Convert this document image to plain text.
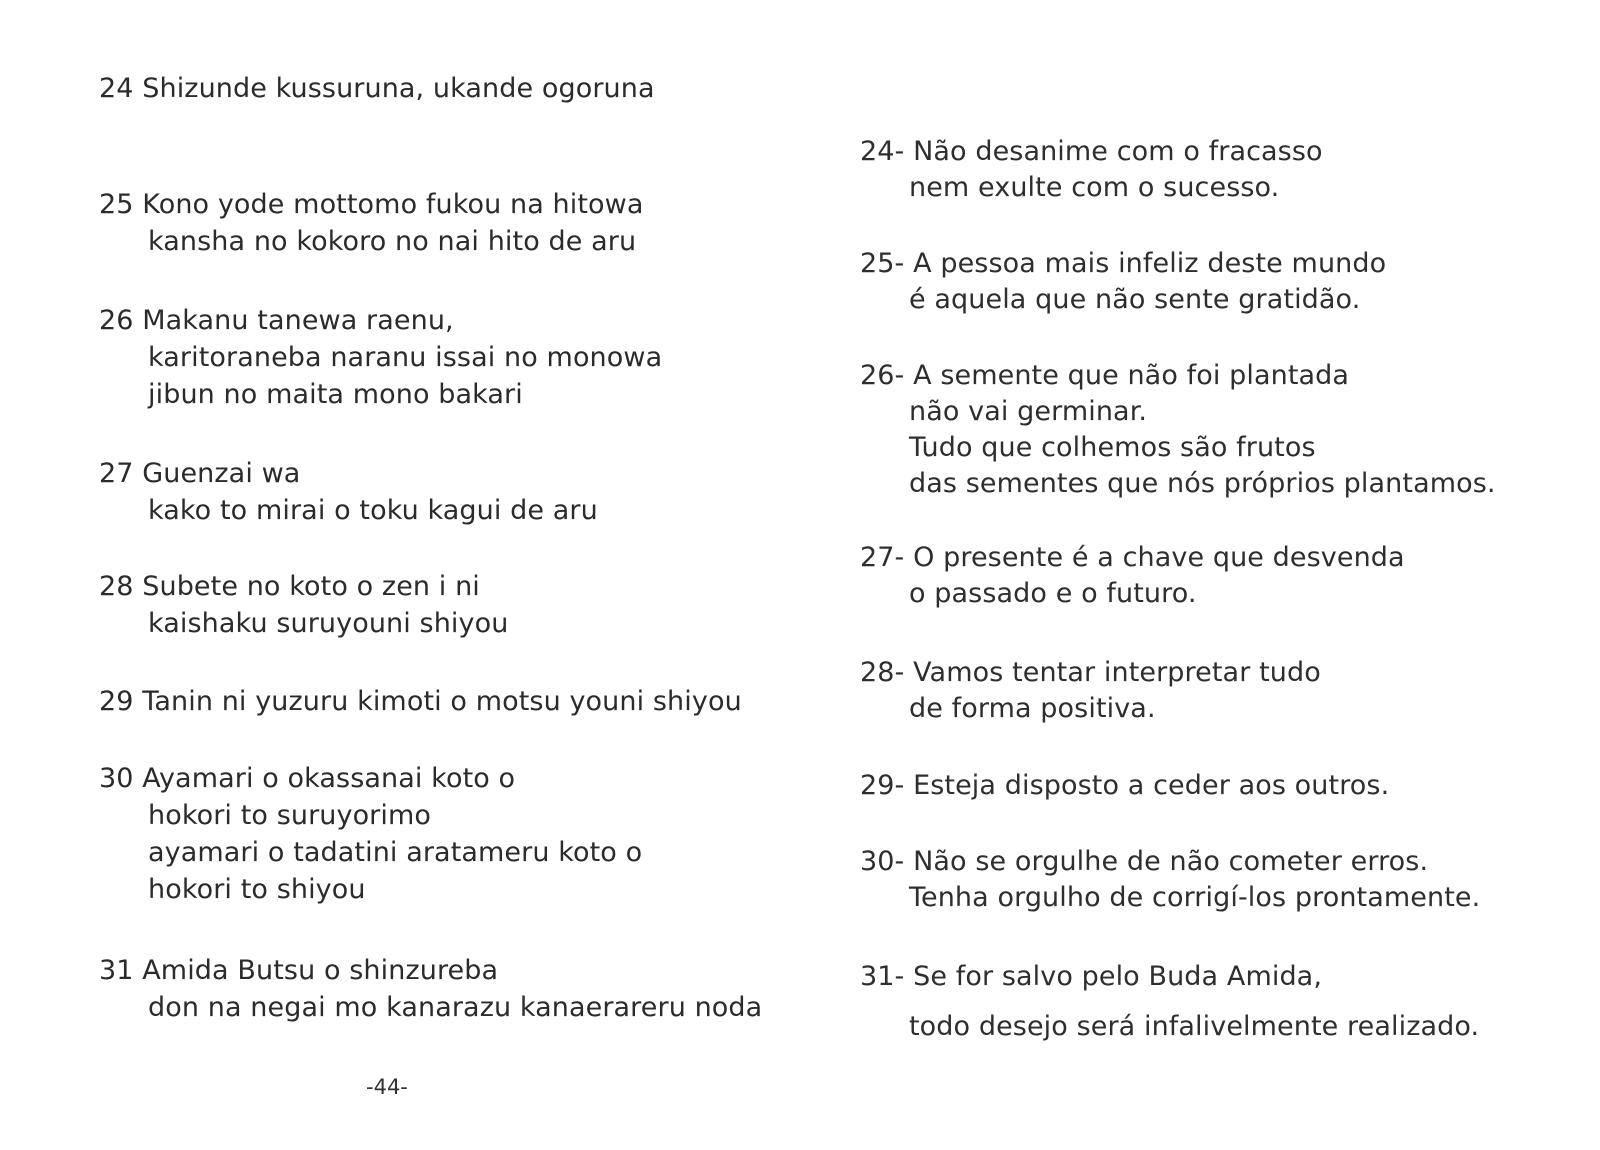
24 Shizunde kussuruna, ukande ogoruna
25 Kono yode mottomo fukou na hitowa
kansha no kokoro no nai hito de aru
26 Makanu tanewa raenu,
karitoraneba naranu issai no monowa
jibun no maita mono bakari
27 Guenzai wa
kako to mirai o toku kagui de aru
28 Subete no koto o zen i ni
kaishaku suruyouni shiyou
29 Tanin ni yuzuru kimoti o motsu youni shiyou
30 Ayamari o okassanai koto o
hokori to suruyorimo
ayamari o tadatini aratameru koto o
hokori to shiyou
31 Amida Butsu o shinzureba
don na negai mo kanarazu kanaerareru noda
-44-
24- Não desanime com o fracasso
nem exulte com o sucesso.
25- A pessoa mais infeliz deste mundo
é aquela que não sente gratidão.
26- A semente que não foi plantada
não vai germinar.
Tudo que colhemos são frutos
das sementes que nós próprios plantamos.
27- O presente é a chave que desvenda
o passado e o futuro.
28- Vamos tentar interpretar tudo
de forma positiva.
29- Esteja disposto a ceder aos outros.
30- Não se orgulhe de não cometer erros.
Tenha orgulho de corrigí-los prontamente.
31- Se for salvo pelo Buda Amida,
todo desejo será infalivelmente realizado.
